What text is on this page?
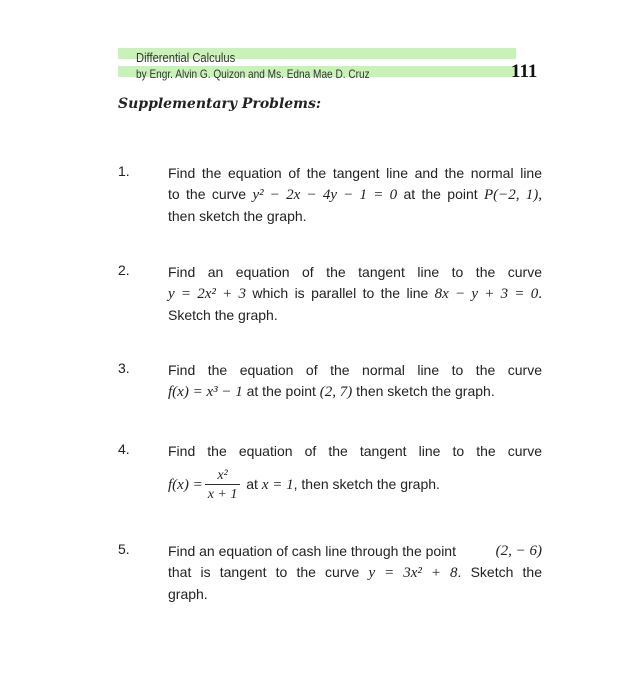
Differential Calculus
by Engr. Alvin G. Quizon and Ms. Edna Mae D. Cruz	111
Supplementary Problems:
1.	Find the equation of the tangent line and the normal line
to the curve y² − 2x − 4y − 1 = 0 at the point P(−2, 1),
then sketch the graph.
2.	Find an equation of the tangent line to the curve
y = 2x² + 3 which is parallel to the line 8x − y + 3 = 0.
Sketch the graph.
3.	Find the equation of the normal line to the curve
f(x) = x³ − 1 at the point (2, 7) then sketch the graph.
4.	Find the equation of the tangent line to the curve
$f(x) = \frac{\text{x²}}{x + 1}$ at x = 1, then sketch the graph.
5.	Find an equation of cash line through the point	(2, − 6)
that is tangent to the curve y = 3x² + 8. Sketch the
graph.
